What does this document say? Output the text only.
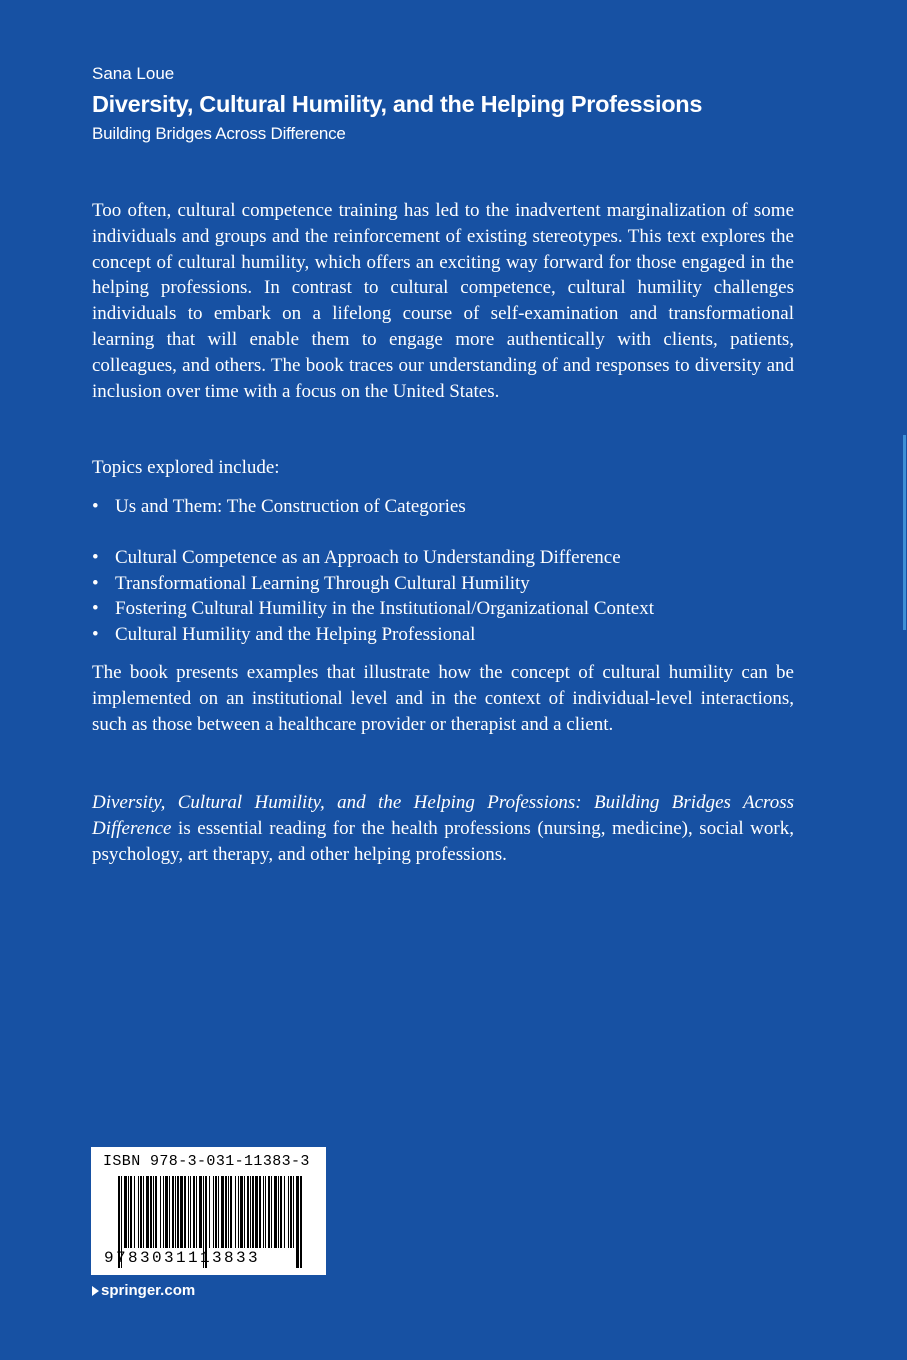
Sana Loue
Diversity, Cultural Humility, and the Helping Professions
Building Bridges Across Difference

Too often, cultural competence training has led to the inadvertent marginalization of some individuals and groups and the reinforcement of existing stereotypes. This text explores the concept of cultural humility, which offers an exciting way forward for those engaged in the helping professions. In contrast to cultural competence, cultural humility challenges individuals to embark on a lifelong course of self-examination and transformational learning that will enable them to engage more authentically with clients, patients, colleagues, and others. The book traces our understanding of and responses to diversity and inclusion over time with a focus on the United States.

Topics explored include:

• Us and Them: The Construction of Categories
• Cultural Competence as an Approach to Understanding Difference
• Transformational Learning Through Cultural Humility
• Fostering Cultural Humility in the Institutional/Organizational Context
• Cultural Humility and the Helping Professional

The book presents examples that illustrate how the concept of cultural humility can be implemented on an institutional level and in the context of individual-level interactions, such as those between a healthcare provider or therapist and a client.

Diversity, Cultural Humility, and the Helping Professions: Building Bridges Across Difference is essential reading for the health professions (nursing, medicine), social work, psychology, art therapy, and other helping professions.

ISBN 978-3-031-11383-3
9783031113833
springer.com
